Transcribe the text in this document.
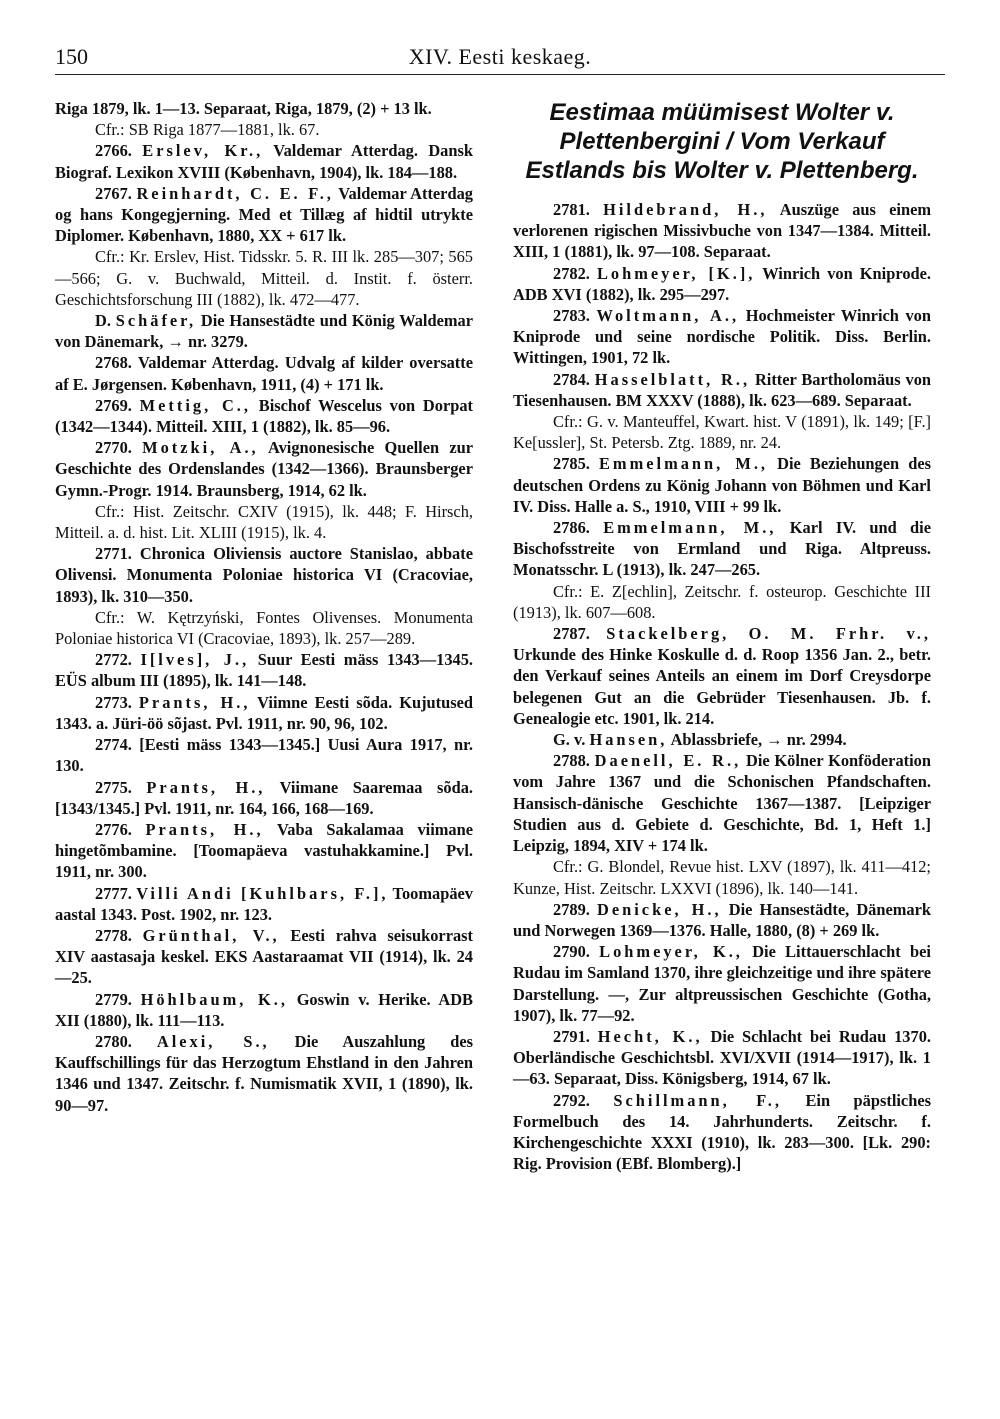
150	XIV. Eesti keskaeg.

Riga 1879, lk. 1—13. Separaat, Riga, 1879, (2) + 13 lk.

Cfr.: SB Riga 1877—1881, lk. 67.

2766. Erslev, Kr., Valdemar Atterdag. Dansk Biograf. Lexikon XVIII (København, 1904), lk. 184—188.

2767. Reinhardt, C. E. F., Valdemar Atterdag og hans Kongegjerning. Med et Tillæg af hidtil utrykte Diplomer. København, 1880, XX + 617 lk.

Cfr.: Kr. Erslev, Hist. Tidsskr. 5. R. III lk. 285—307; 565—566; G. v. Buchwald, Mitteil. d. Instit. f. österr. Geschichtsforschung III (1882), lk. 472—477.

D. Schäfer, Die Hansestädte und König Waldemar von Dänemark, → nr. 3279.

2768. Valdemar Atterdag. Udvalg af kilder oversatte af E. Jørgensen. København, 1911, (4) + 171 lk.

2769. Mettig, C., Bischof Wescelus von Dorpat (1342—1344). Mitteil. XIII, 1 (1882), lk. 85—96.

2770. Motzki, A., Avignonesische Quellen zur Geschichte des Ordenslandes (1342—1366). Braunsberger Gymn.-Progr. 1914. Braunsberg, 1914, 62 lk.

Cfr.: Hist. Zeitschr. CXIV (1915), lk. 448; F. Hirsch, Mitteil. a. d. hist. Lit. XLIII (1915), lk. 4.

2771. Chronica Oliviensis auctore Stanislao, abbate Olivensi. Monumenta Poloniae historica VI (Cracoviae, 1893), lk. 310—350.

Cfr.: W. Kętrzyński, Fontes Olivenses. Monumenta Poloniae historica VI (Cracoviae, 1893), lk. 257—289.

2772. I[lves], J., Suur Eesti mäss 1343—1345. EÜS album III (1895), lk. 141—148.

2773. Prants, H., Viimne Eesti sõda. Kujutused 1343. a. Jüri-öö sõjast. Pvl. 1911, nr. 90, 96, 102.

2774. [Eesti mäss 1343—1345.] Uusi Aura 1917, nr. 130.

2775. Prants, H., Viimane Saaremaa sõda. [1343/1345.] Pvl. 1911, nr. 164, 166, 168—169.

2776. Prants, H., Vaba Sakalamaa viimane hingetõmbamine. [Toomapäeva vastuhakkamine.] Pvl. 1911, nr. 300.

2777. Villi Andi [Kuhlbars, F.], Toomapäev aastal 1343. Post. 1902, nr. 123.

2778. Grünthal, V., Eesti rahva seisukorrast XIV aastasaja keskel. EKS Aastaraamat VII (1914), lk. 24—25.

2779. Höhlbaum, K., Goswin v. Herike. ADB XII (1880), lk. 111—113.

2780. Alexi, S., Die Auszahlung des Kauffschillings für das Herzogtum Ehstland in den Jahren 1346 und 1347. Zeitschr. f. Numismatik XVII, 1 (1890), lk. 90—97.

Eestimaa müümisest Wolter v. Plettenbergini / Vom Verkauf Estlands bis Wolter v. Plettenberg.

2781. Hildebrand, H., Auszüge aus einem verlorenen rigischen Missivbuche von 1347—1384. Mitteil. XIII, 1 (1881), lk. 97—108. Separaat.

2782. Lohmeyer, [K.], Winrich von Kniprode. ADB XVI (1882), lk. 295—297.

2783. Woltmann, A., Hochmeister Winrich von Kniprode und seine nordische Politik. Diss. Berlin. Wittingen, 1901, 72 lk.

2784. Hasselblatt, R., Ritter Bartholomäus von Tiesenhausen. BM XXXV (1888), lk. 623—689. Separaat.

Cfr.: G. v. Manteuffel, Kwart. hist. V (1891), lk. 149; [F.] Ke[ussler], St. Petersb. Ztg. 1889, nr. 24.

2785. Emmelmann, M., Die Beziehungen des deutschen Ordens zu König Johann von Böhmen und Karl IV. Diss. Halle a. S., 1910, VIII + 99 lk.

2786. Emmelmann, M., Karl IV. und die Bischofsstreite von Ermland und Riga. Altpreuss. Monatsschr. L (1913), lk. 247—265.

Cfr.: E. Z[echlin], Zeitschr. f. osteurop. Geschichte III (1913), lk. 607—608.

2787. Stackelberg, O. M. Frhr. v., Urkunde des Hinke Koskulle d. d. Roop 1356 Jan. 2., betr. den Verkauf seines Anteils an einem im Dorf Creysdorpe belegenen Gut an die Gebrüder Tiesenhausen. Jb. f. Genealogie etc. 1901, lk. 214.

G. v. Hansen, Ablassbriefe, → nr. 2994.

2788. Daenell, E. R., Die Kölner Konföderation vom Jahre 1367 und die Schonischen Pfandschaften. Hansisch-dänische Geschichte 1367—1387. [Leipziger Studien aus d. Gebiete d. Geschichte, Bd. 1, Heft 1.] Leipzig, 1894, XIV + 174 lk.

Cfr.: G. Blondel, Revue hist. LXV (1897), lk. 411—412; Kunze, Hist. Zeitschr. LXXVI (1896), lk. 140—141.

2789. Denicke, H., Die Hansestädte, Dänemark und Norwegen 1369—1376. Halle, 1880, (8) + 269 lk.

2790. Lohmeyer, K., Die Littauerschlacht bei Rudau im Samland 1370, ihre gleichzeitige und ihre spätere Darstellung. —, Zur altpreussischen Geschichte (Gotha, 1907), lk. 77—92.

2791. Hecht, K., Die Schlacht bei Rudau 1370. Oberländische Geschichtsbl. XVI/XVII (1914—1917), lk. 1—63. Separaat, Diss. Königsberg, 1914, 67 lk.

2792. Schillmann, F., Ein päpstliches Formelbuch des 14. Jahrhunderts. Zeitschr. f. Kirchengeschichte XXXI (1910), lk. 283—300. [Lk. 290: Rig. Provision (EBf. Blomberg).]
